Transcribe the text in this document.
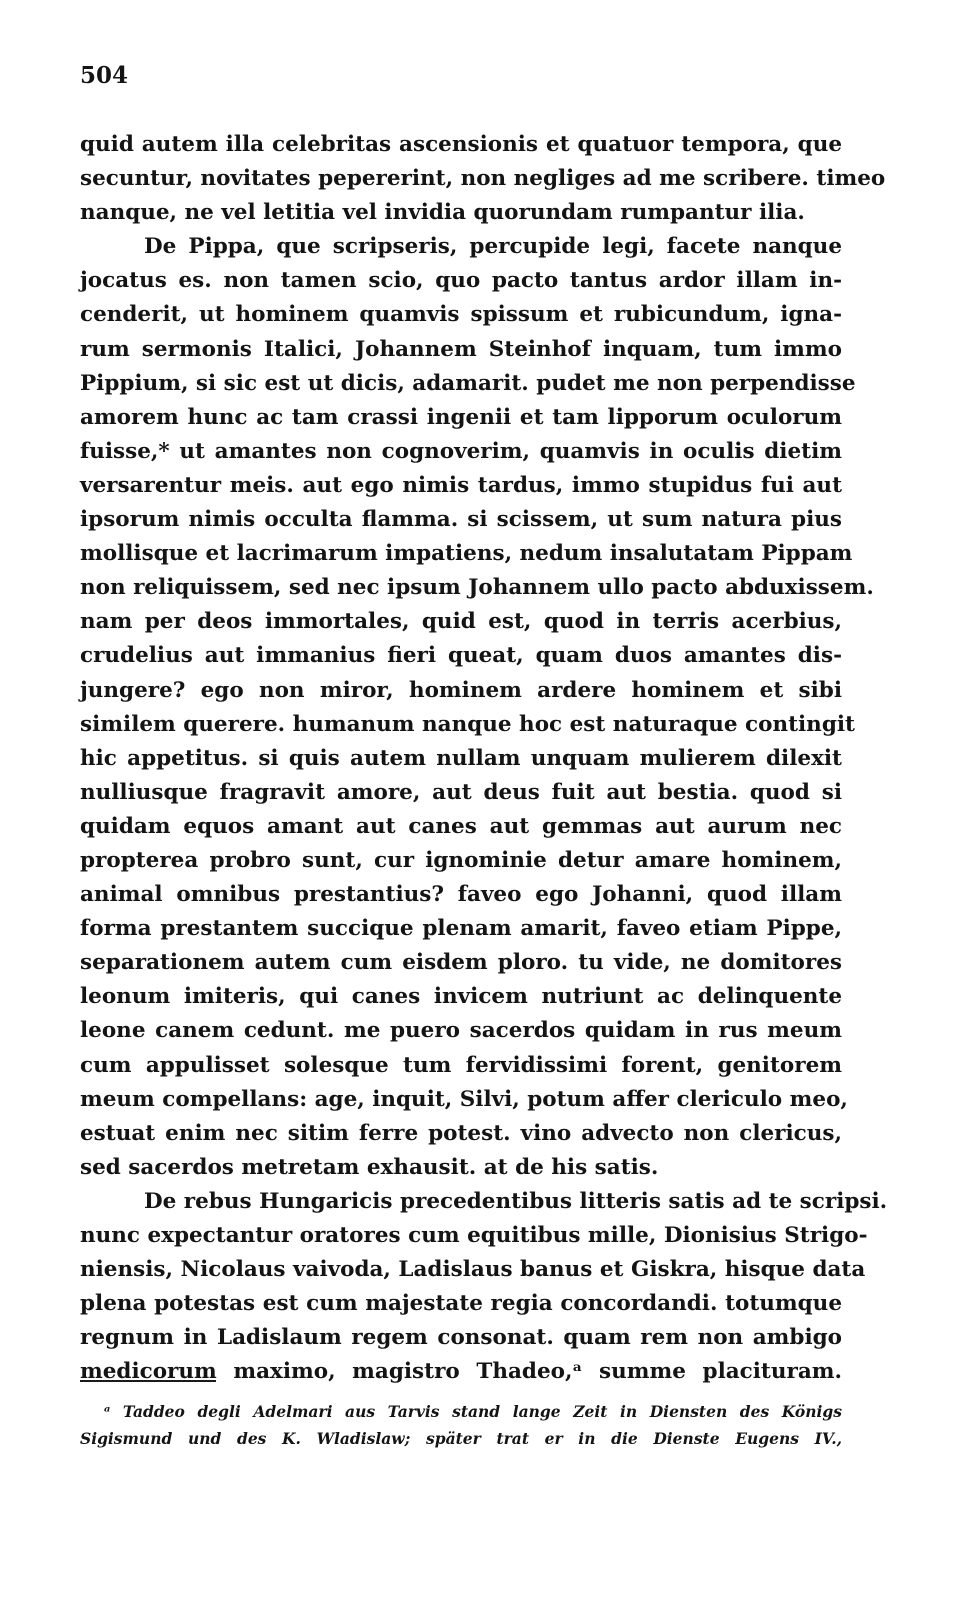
504
quid autem illa celebritas ascensionis et quatuor tempora, que
secuntur, novitates pepererint, non negliges ad me scribere. timeo
nanque, ne vel letitia vel invidia quorundam rumpantur ilia.
De Pippa, que scripseris, percupide legi, facete nanque
jocatus es. non tamen scio, quo pacto tantus ardor illam in-
cenderit, ut hominem quamvis spissum et rubicundum, igna-
rum sermonis Italici, Johannem Steinhof inquam, tum immo
Pippium, si sic est ut dicis, adamarit. pudet me non perpendisse
amorem hunc ac tam crassi ingenii et tam lipporum oculorum
fuisse,* ut amantes non cognoverim, quamvis in oculis dietim
versarentur meis. aut ego nimis tardus, immo stupidus fui aut
ipsorum nimis occulta flamma. si scissem, ut sum natura pius
mollisque et lacrimarum impatiens, nedum insalutatam Pippam
non reliquissem, sed nec ipsum Johannem ullo pacto abduxissem.
nam per deos immortales, quid est, quod in terris acerbius,
crudelius aut immanius fieri queat, quam duos amantes dis-
jungere? ego non miror, hominem ardere hominem et sibi
similem querere. humanum nanque hoc est naturaque contingit
hic appetitus. si quis autem nullam unquam mulierem dilexit
nulliusque fragravit amore, aut deus fuit aut bestia. quod si
quidam equos amant aut canes aut gemmas aut aurum nec
propterea probro sunt, cur ignominie detur amare hominem,
animal omnibus prestantius? faveo ego Johanni, quod illam
forma prestantem succique plenam amarit, faveo etiam Pippe,
separationem autem cum eisdem ploro. tu vide, ne domitores
leonum imiteris, qui canes invicem nutriunt ac delinquente
leone canem cedunt. me puero sacerdos quidam in rus meum
cum appulisset solesque tum fervidissimi forent, genitorem
meum compellans: age, inquit, Silvi, potum affer clericulo meo,
estuat enim nec sitim ferre potest. vino advecto non clericus,
sed sacerdos metretam exhausit. at de his satis.
De rebus Hungaricis precedentibus litteris satis ad te scripsi.
nunc expectantur oratores cum equitibus mille, Dionisius Strigo-
niensis, Nicolaus vaivoda, Ladislaus banus et Giskra, hisque data
plena potestas est cum majestate regia concordandi. totumque
regnum in Ladislaum regem consonat. quam rem non ambigo
medicorum maximo, magistro Thadeo,ᵃ summe placituram.
ᵃ Taddeo degli Adelmari aus Tarvis stand lange Zeit in Diensten des Königs
Sigismund und des K. Wladislaw; später trat er in die Dienste Eugens IV.,
